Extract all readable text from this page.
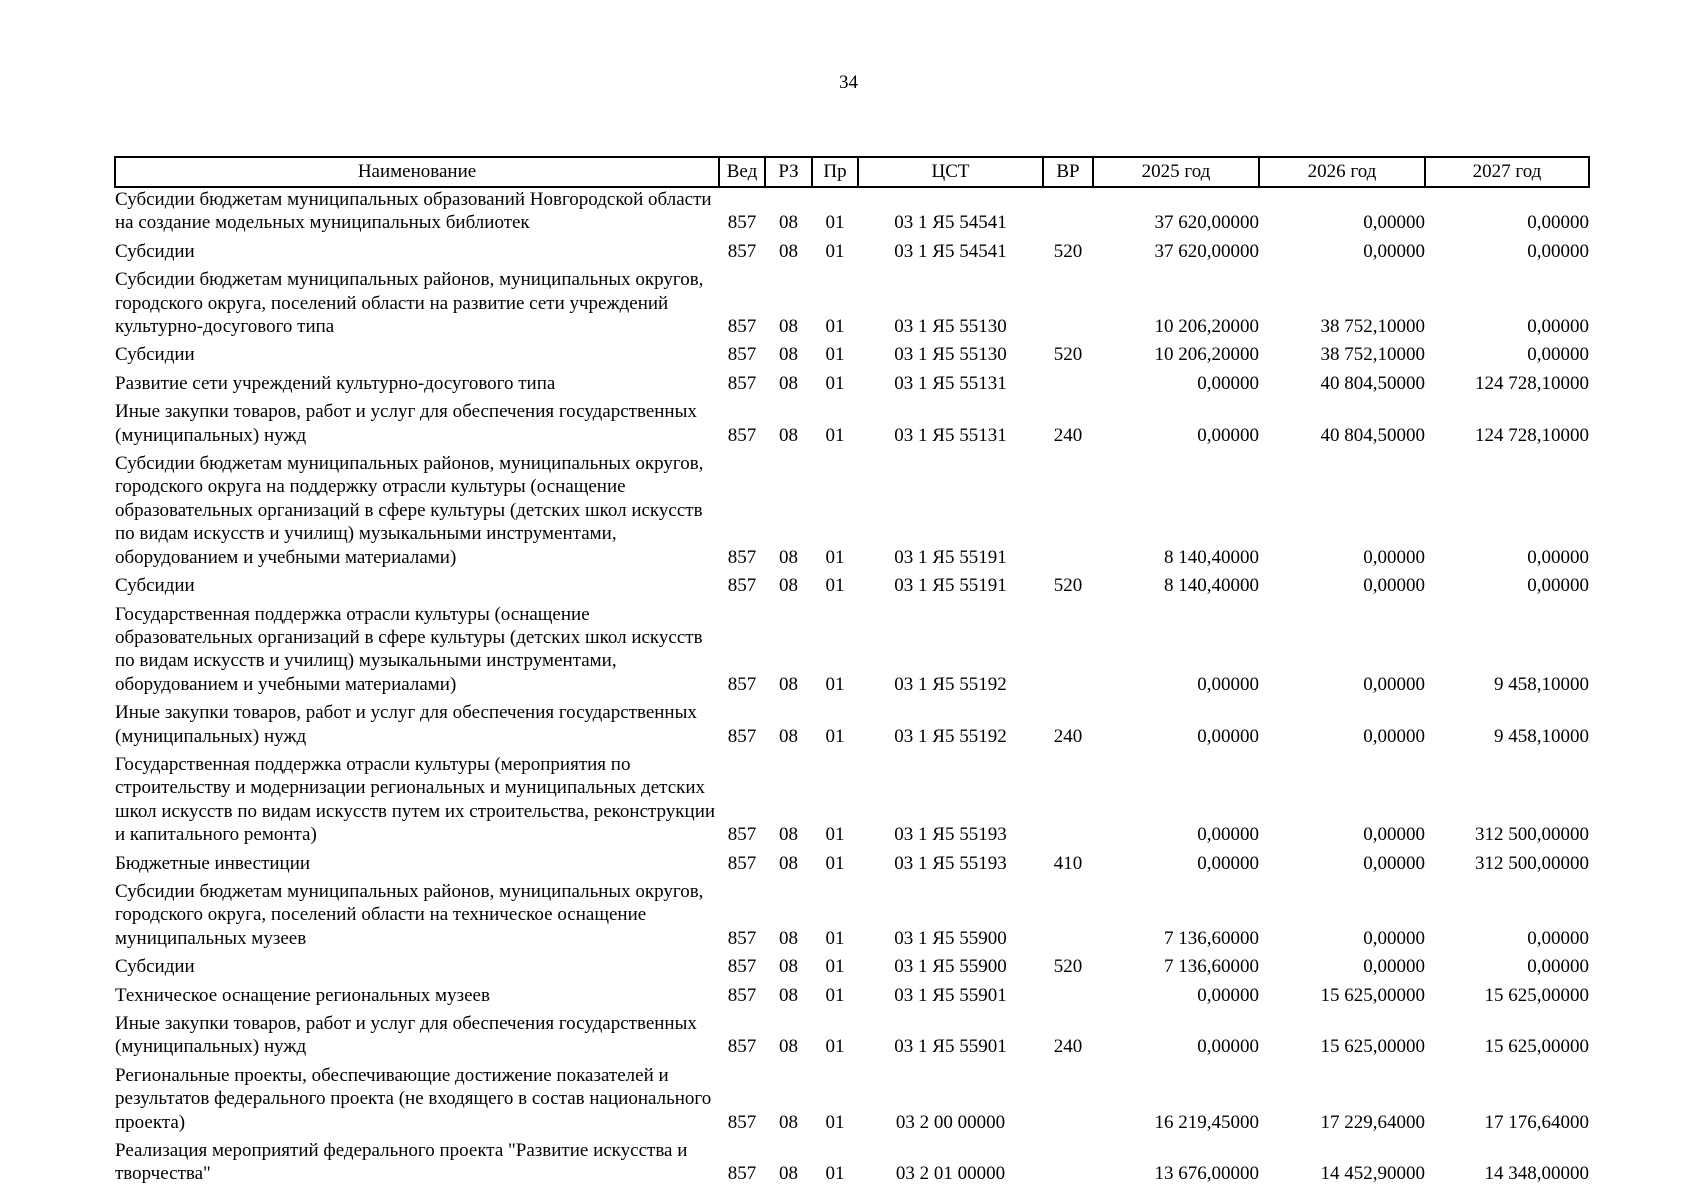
34
Наименование	Вед	РЗ	Пр	ЦСТ	ВР	2025 год	2026 год	2027 год
Субсидии бюджетам муниципальных образований Новгородской области на создание модельных муниципальных библиотек	857	08	01	03 1 Я5 54541		37 620,00000	0,00000	0,00000
Субсидии	857	08	01	03 1 Я5 54541	520	37 620,00000	0,00000	0,00000
Субсидии бюджетам муниципальных районов, муниципальных округов, городского округа, поселений области на развитие сети учреждений культурно-досугового типа	857	08	01	03 1 Я5 55130		10 206,20000	38 752,10000	0,00000
Субсидии	857	08	01	03 1 Я5 55130	520	10 206,20000	38 752,10000	0,00000
Развитие сети учреждений культурно-досугового типа	857	08	01	03 1 Я5 55131		0,00000	40 804,50000	124 728,10000
Иные закупки товаров, работ и услуг для обеспечения государственных (муниципальных) нужд	857	08	01	03 1 Я5 55131	240	0,00000	40 804,50000	124 728,10000
Субсидии бюджетам муниципальных районов, муниципальных округов, городского округа на поддержку отрасли культуры (оснащение образовательных организаций в сфере культуры (детских школ искусств по видам искусств и училищ) музыкальными инструментами, оборудованием и учебными материалами)	857	08	01	03 1 Я5 55191		8 140,40000	0,00000	0,00000
Субсидии	857	08	01	03 1 Я5 55191	520	8 140,40000	0,00000	0,00000
Государственная поддержка отрасли культуры (оснащение образовательных организаций в сфере культуры (детских школ искусств по видам искусств и училищ) музыкальными инструментами, оборудованием и учебными материалами)	857	08	01	03 1 Я5 55192		0,00000	0,00000	9 458,10000
Иные закупки товаров, работ и услуг для обеспечения государственных (муниципальных) нужд	857	08	01	03 1 Я5 55192	240	0,00000	0,00000	9 458,10000
Государственная поддержка отрасли культуры (мероприятия по строительству и модернизации региональных и муниципальных детских школ искусств по видам искусств путем их строительства, реконструкции и капитального ремонта)	857	08	01	03 1 Я5 55193		0,00000	0,00000	312 500,00000
Бюджетные инвестиции	857	08	01	03 1 Я5 55193	410	0,00000	0,00000	312 500,00000
Субсидии бюджетам муниципальных районов, муниципальных округов, городского округа, поселений области на техническое оснащение муниципальных музеев	857	08	01	03 1 Я5 55900		7 136,60000	0,00000	0,00000
Субсидии	857	08	01	03 1 Я5 55900	520	7 136,60000	0,00000	0,00000
Техническое оснащение региональных музеев	857	08	01	03 1 Я5 55901		0,00000	15 625,00000	15 625,00000
Иные закупки товаров, работ и услуг для обеспечения государственных (муниципальных) нужд	857	08	01	03 1 Я5 55901	240	0,00000	15 625,00000	15 625,00000
Региональные проекты, обеспечивающие достижение показателей и результатов федерального проекта (не входящего в состав национального проекта)	857	08	01	03 2 00 00000		16 219,45000	17 229,64000	17 176,64000
Реализация мероприятий федерального проекта "Развитие искусства и творчества"	857	08	01	03 2 01 00000		13 676,00000	14 452,90000	14 348,00000
